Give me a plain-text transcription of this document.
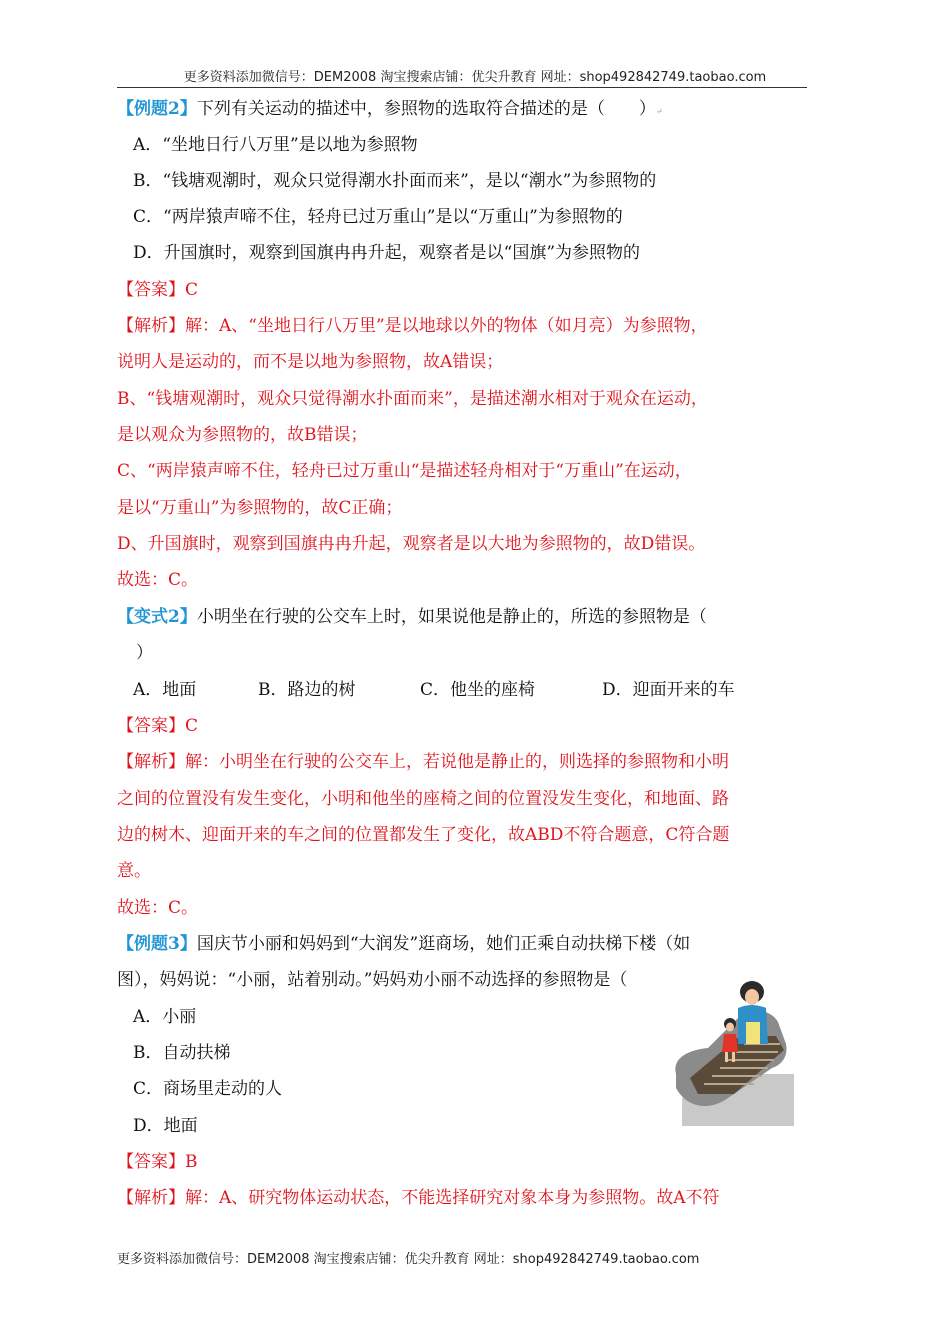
更多资料添加微信号：DEM2008 淘宝搜索店铺：优尖升教育 网址：shop492842749.taobao.com
【例题2】下列有关运动的描述中，参照物的选取符合描述的是（　　）↵
A．“坐地日行八万里”是以地为参照物
B．“钱塘观潮时，观众只觉得潮水扑面而来”，是以“潮水”为参照物的
C．“两岸猿声啼不住，轻舟已过万重山”是以“万重山”为参照物的
D．升国旗时，观察到国旗冉冉升起，观察者是以“国旗”为参照物的
【答案】C
【解析】解：A、“坐地日行八万里”是以地球以外的物体（如月亮）为参照物，
说明人是运动的，而不是以地为参照物，故A错误；
B、“钱塘观潮时，观众只觉得潮水扑面而来”，是描述潮水相对于观众在运动，
是以观众为参照物的，故B错误；
C、“两岸猿声啼不住，轻舟已过万重山“是描述轻舟相对于“万重山”在运动，
是以“万重山”为参照物的，故C正确；
D、升国旗时，观察到国旗冉冉升起，观察者是以大地为参照物的，故D错误。
故选：C。
【变式2】小明坐在行驶的公交车上时，如果说他是静止的，所选的参照物是（
）
A．地面	B．路边的树	C．他坐的座椅	D．迎面开来的车
【答案】C
【解析】解：小明坐在行驶的公交车上，若说他是静止的，则选择的参照物和小明
之间的位置没有发生变化，小明和他坐的座椅之间的位置没发生变化，和地面、路
边的树木、迎面开来的车之间的位置都发生了变化，故ABD不符合题意，C符合题
意。
故选：C。
【例题3】国庆节小丽和妈妈到“大润发”逛商场，她们正乘自动扶梯下楼（如
图），妈妈说：“小丽，站着别动。”妈妈劝小丽不动选择的参照物是（
A．小丽
B．自动扶梯
C．商场里走动的人
D．地面
【答案】B
【解析】解：A、研究物体运动状态，不能选择研究对象本身为参照物。故A不符
更多资料添加微信号：DEM2008 淘宝搜索店铺：优尖升教育 网址：shop492842749.taobao.com
